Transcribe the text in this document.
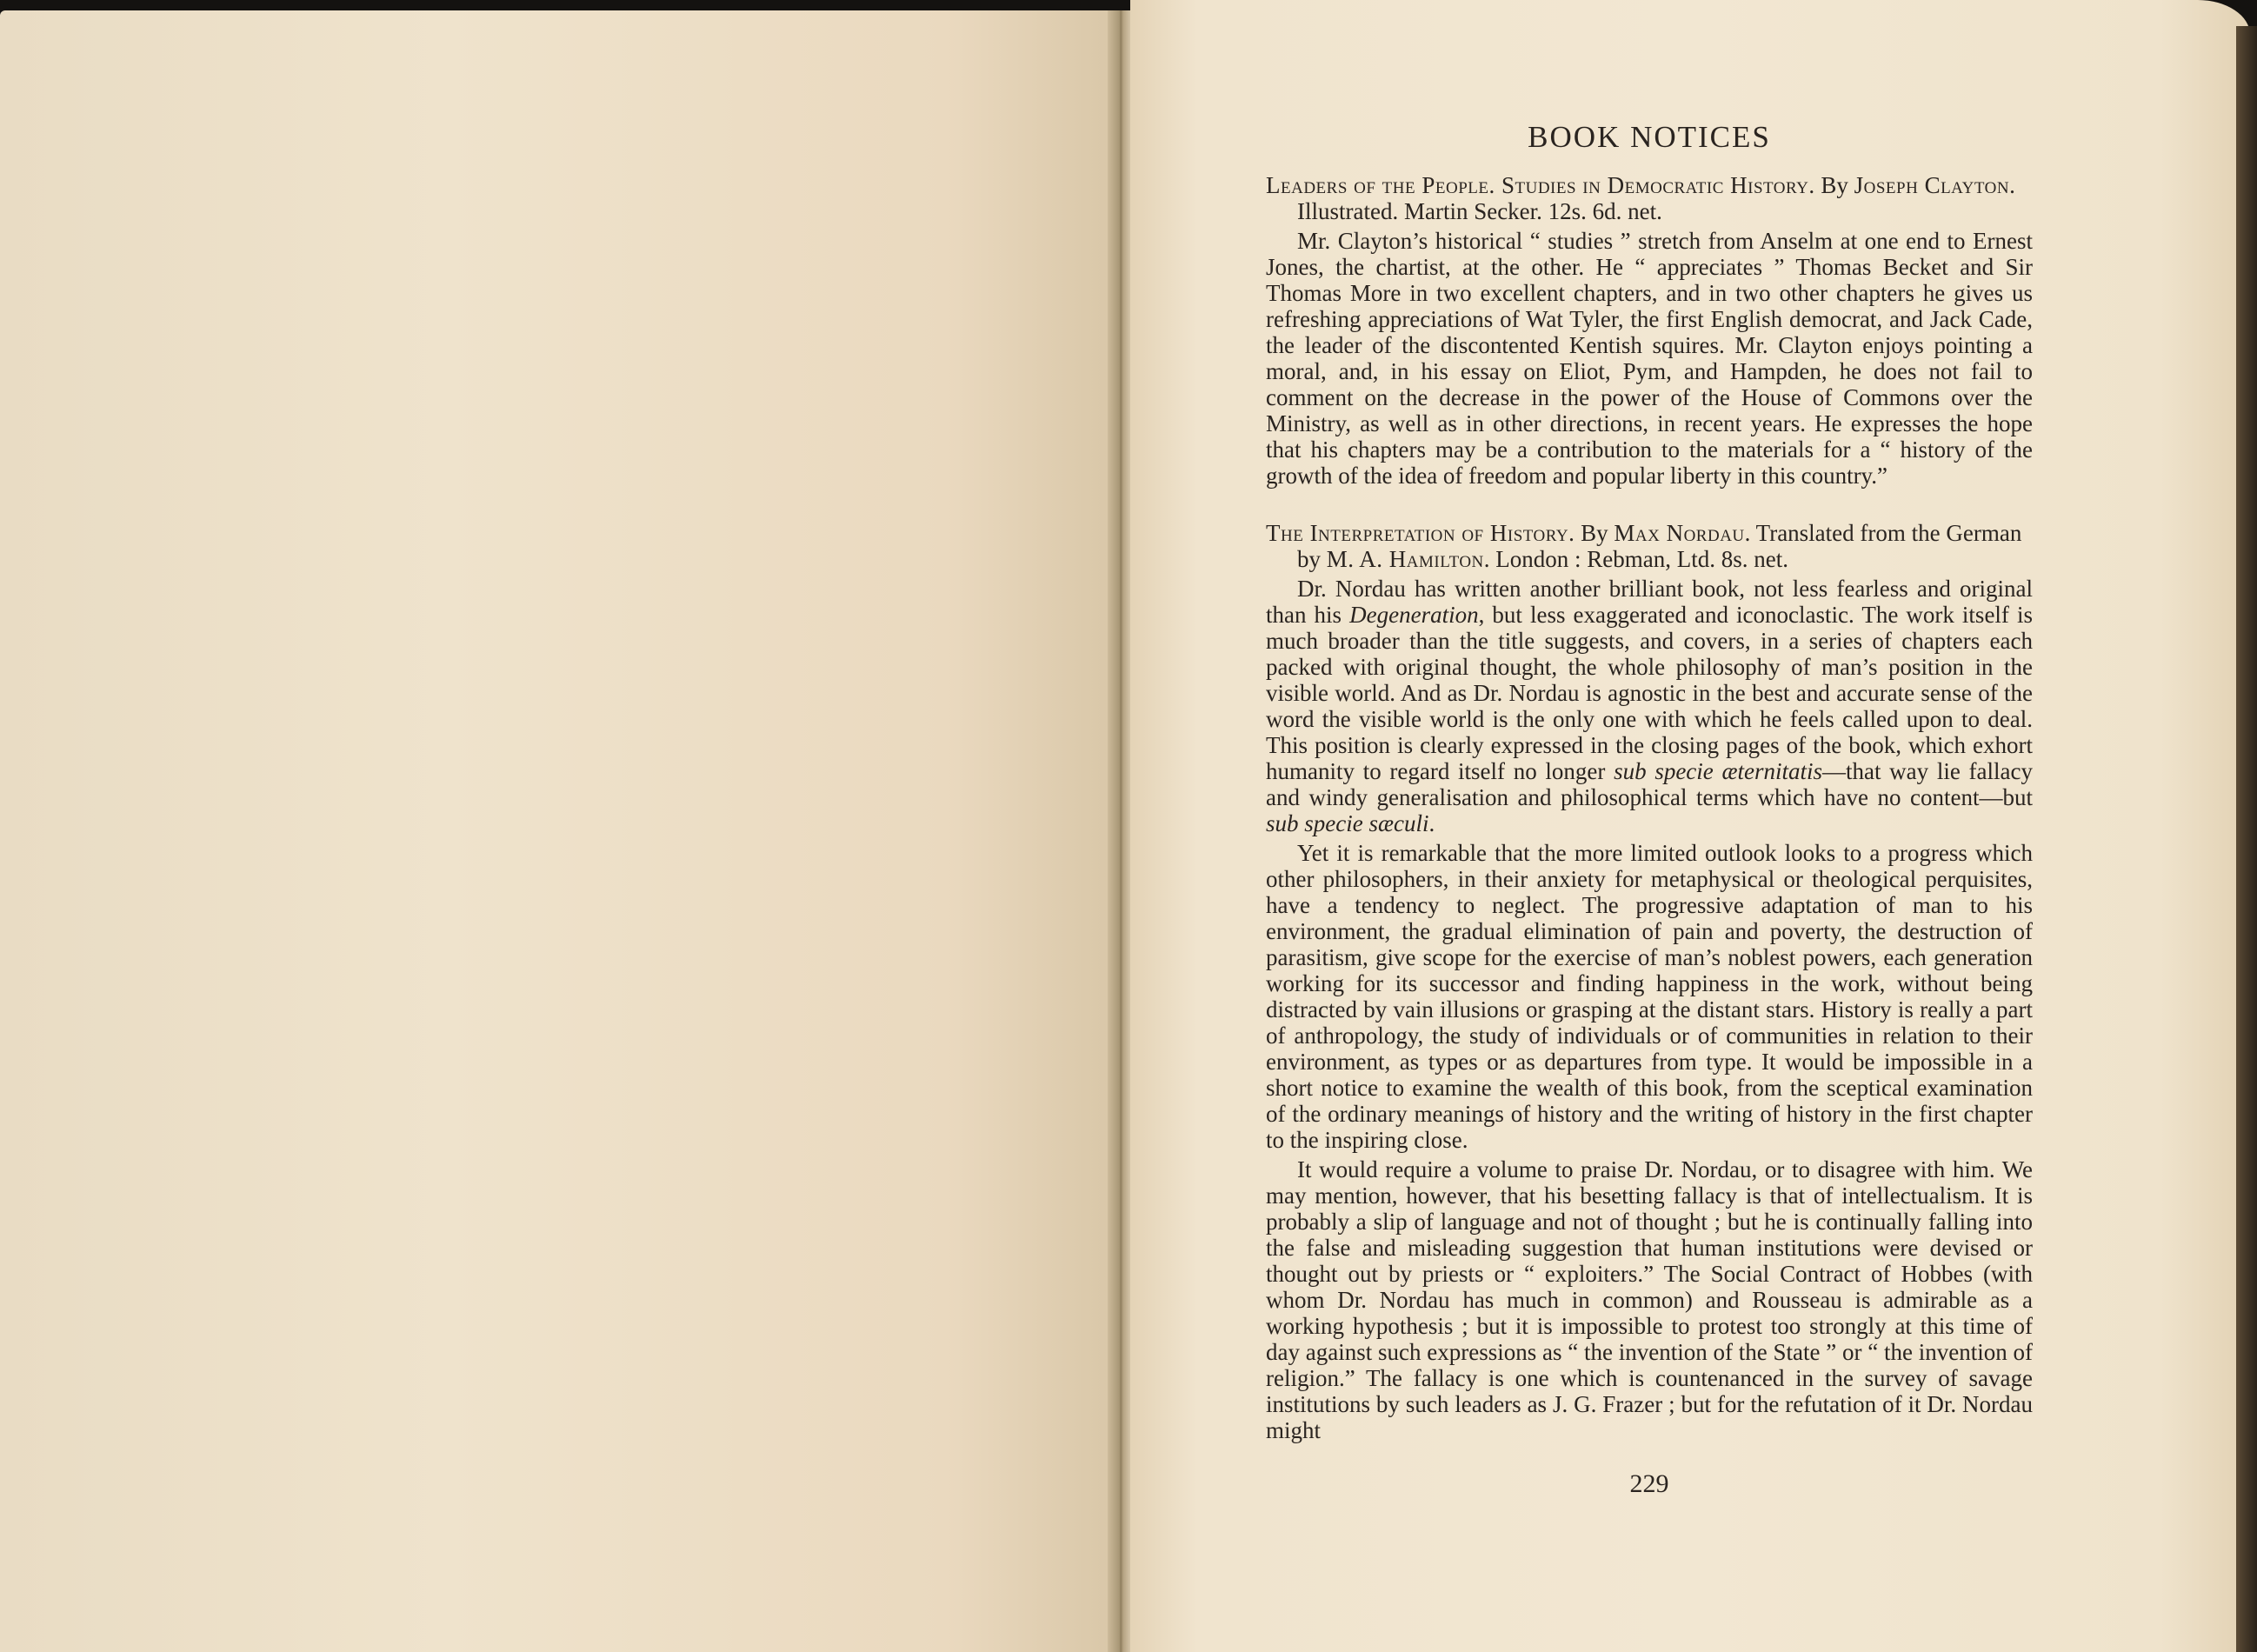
BOOK NOTICES

Leaders of the People. Studies in Democratic History. By Joseph Clayton. Illustrated. Martin Secker. 12s. 6d. net.

Mr. Clayton’s historical “ studies ” stretch from Anselm at one end to Ernest Jones, the chartist, at the other. He “ appreciates ” Thomas Becket and Sir Thomas More in two excellent chapters, and in two other chapters he gives us refreshing appreciations of Wat Tyler, the first English democrat, and Jack Cade, the leader of the discontented Kentish squires. Mr. Clayton enjoys pointing a moral, and, in his essay on Eliot, Pym, and Hampden, he does not fail to comment on the decrease in the power of the House of Commons over the Ministry, as well as in other directions, in recent years. He expresses the hope that his chapters may be a contribution to the materials for a “ history of the growth of the idea of freedom and popular liberty in this country.”

The Interpretation of History. By Max Nordau. Translated from the German by M. A. Hamilton. London : Rebman, Ltd. 8s. net.

Dr. Nordau has written another brilliant book, not less fearless and original than his Degeneration, but less exaggerated and iconoclastic. The work itself is much broader than the title suggests, and covers, in a series of chapters each packed with original thought, the whole philosophy of man’s position in the visible world. And as Dr. Nordau is agnostic in the best and accurate sense of the word the visible world is the only one with which he feels called upon to deal. This position is clearly expressed in the closing pages of the book, which exhort humanity to regard itself no longer sub specie æternitatis—that way lie fallacy and windy generalisation and philosophical terms which have no content—but sub specie sæculi.

Yet it is remarkable that the more limited outlook looks to a progress which other philosophers, in their anxiety for metaphysical or theological perquisites, have a tendency to neglect. The progressive adaptation of man to his environment, the gradual elimination of pain and poverty, the destruction of parasitism, give scope for the exercise of man’s noblest powers, each generation working for its successor and finding happiness in the work, without being distracted by vain illusions or grasping at the distant stars. History is really a part of anthropology, the study of individuals or of communities in relation to their environment, as types or as departures from type. It would be impossible in a short notice to examine the wealth of this book, from the sceptical examination of the ordinary meanings of history and the writing of history in the first chapter to the inspiring close.

It would require a volume to praise Dr. Nordau, or to disagree with him. We may mention, however, that his besetting fallacy is that of intellectualism. It is probably a slip of language and not of thought ; but he is continually falling into the false and misleading suggestion that human institutions were devised or thought out by priests or “ exploiters.” The Social Contract of Hobbes (with whom Dr. Nordau has much in common) and Rousseau is admirable as a working hypothesis ; but it is impossible to protest too strongly at this time of day against such expressions as “ the invention of the State ” or “ the invention of religion.” The fallacy is one which is countenanced in the survey of savage institutions by such leaders as J. G. Frazer ; but for the refutation of it Dr. Nordau might

229
